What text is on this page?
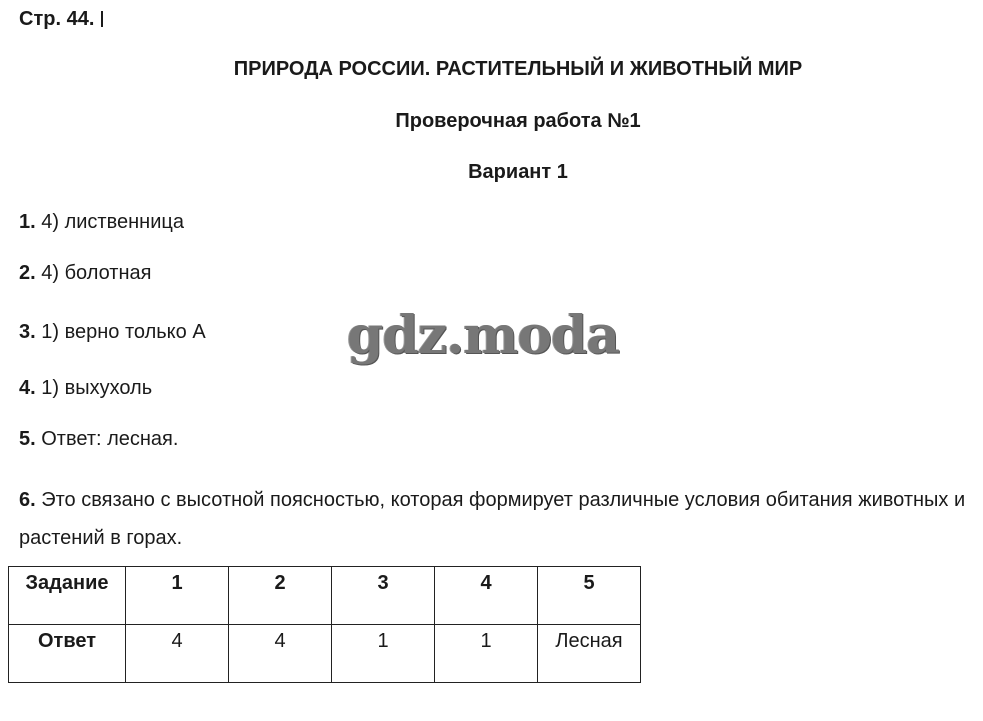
Стр. 44.
ПРИРОДА РОССИИ. РАСТИТЕЛЬНЫЙ И ЖИВОТНЫЙ МИР
Проверочная работа №1
Вариант 1
1. 4) лиственница
2. 4) болотная
3. 1) верно только А
4. 1) выхухоль
5. Ответ: лесная.
6. Это связано с высотной поясностью, которая формирует различные условия обитания животных и растений в горах.
gdz.moda
Задание	1	2	3	4	5
Ответ	4	4	1	1	Лесная
